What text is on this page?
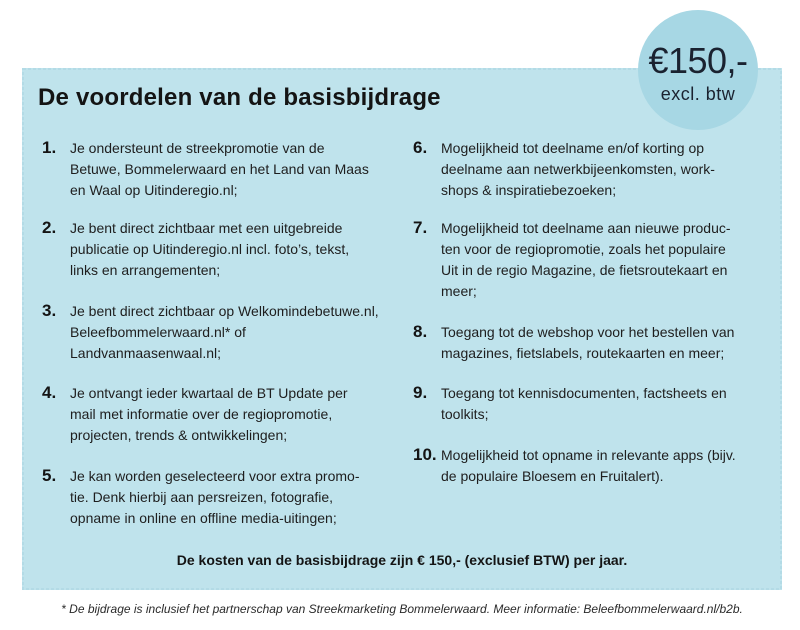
De voordelen van de basisbijdrage
€150,-
excl. btw
1. Je ondersteunt de streekpromotie van de
Betuwe, Bommelerwaard en het Land van Maas
en Waal op Uitinderegio.nl;
2. Je bent direct zichtbaar met een uitgebreide
publicatie op Uitinderegio.nl incl. foto’s, tekst,
links en arrangementen;
3. Je bent direct zichtbaar op Welkomindebetuwe.nl,
Beleefbommelerwaard.nl* of
Landvanmaasenwaal.nl;
4. Je ontvangt ieder kwartaal de BT Update per
mail met informatie over de regiopromotie,
projecten, trends & ontwikkelingen;
5. Je kan worden geselecteerd voor extra promo-
tie. Denk hierbij aan persreizen, fotografie,
opname in online en offline media-uitingen;
6. Mogelijkheid tot deelname en/of korting op
deelname aan netwerkbijeenkomsten, work-
shops & inspiratiebezoeken;
7. Mogelijkheid tot deelname aan nieuwe produc-
ten voor de regiopromotie, zoals het populaire
Uit in de regio Magazine, de fietsroutekaart en
meer;
8. Toegang tot de webshop voor het bestellen van
magazines, fietslabels, routekaarten en meer;
9. Toegang tot kennisdocumenten, factsheets en
toolkits;
10. Mogelijkheid tot opname in relevante apps (bijv.
de populaire Bloesem en Fruitalert).
De kosten van de basisbijdrage zijn € 150,- (exclusief BTW) per jaar.
* De bijdrage is inclusief het partnerschap van Streekmarketing Bommelerwaard. Meer informatie: Beleefbommelerwaard.nl/b2b.
